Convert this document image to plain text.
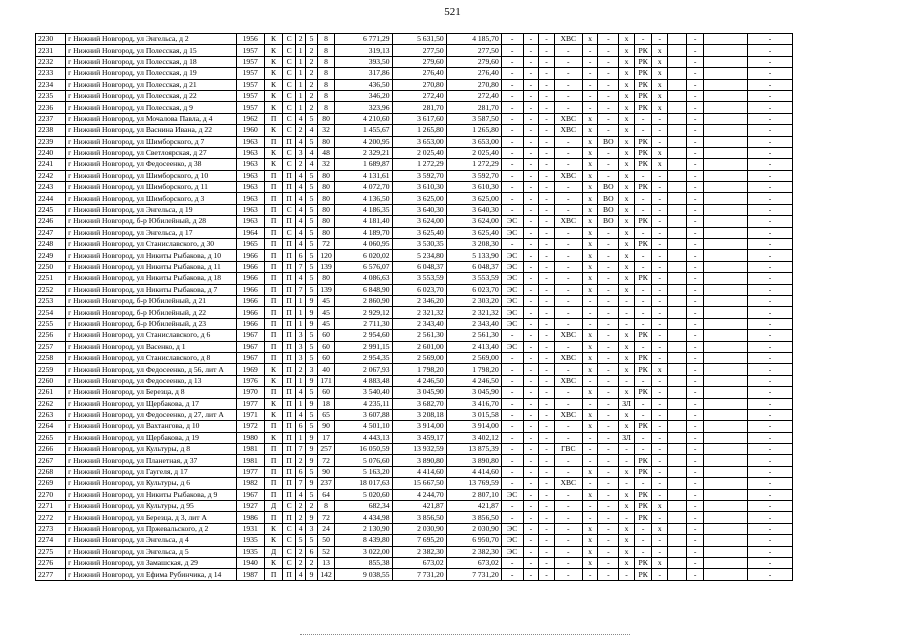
521
2230	г Нижний Новгород, ул Энгельса, д 2	1956	К	С	2	5	8	6 771,29	5 631,50	4 185,70	-	-	-	ХВС	х	-	х	-	-		-		-
2231	г Нижний Новгород, ул Полесская, д 15	1957	К	С	1	2	8	319,13	277,50	277,50	-	-	-	-	-	-	х	РК	х		-		-
2232	г Нижний Новгород, ул Полесская, д 18	1957	К	С	1	2	8	393,50	279,60	279,60	-	-	-	-	-	-	х	РК	х		-		-
2233	г Нижний Новгород, ул Полесская, д 19	1957	К	С	1	2	8	317,86	276,40	276,40	-	-	-	-	-	-	х	РК	х		-		-
2234	г Нижний Новгород, ул Полесская, д 21	1957	К	С	1	2	8	436,50	270,80	270,80	-	-	-	-	-	-	х	РК	х		-		-
2235	г Нижний Новгород, ул Полесская, д 22	1957	К	С	1	2	8	346,20	272,40	272,40	-	-	-	-	-	-	х	РК	х		-		-
2236	г Нижний Новгород, ул Полесская, д 9	1957	К	С	1	2	8	323,96	281,70	281,70	-	-	-	-	-	-	х	РК	х		-		-
2237	г Нижний Новгород, ул Мочалова Павла, д 4	1962	П	С	4	5	80	4 210,60	3 617,60	3 587,50	-	-	-	ХВС	х	-	х	-	-		-		-
2238	г Нижний Новгород, ул Васнина Ивана, д 22	1960	К	С	2	4	32	1 455,67	1 265,80	1 265,80	-	-	-	ХВС	х	-	х	-	-		-		-
2239	г Нижний Новгород, ул Шимборского, д 7	1963	П	П	4	5	80	4 200,95	3 653,00	3 653,00	-	-	-	-	х	ВО	х	РК	-		-		-
2240	г Нижний Новгород, ул Светлоярская, д 27	1963	К	С	3	4	48	2 329,21	2 025,40	2 025,40	-	-	-	-	х	-	х	РК	х		-		-
2241	г Нижний Новгород, ул Федосеенко, д 38	1963	К	С	2	4	32	1 689,87	1 272,29	1 272,29	-	-	-	-	х	-	х	РК	х		-		-
2242	г Нижний Новгород, ул Шимборского, д 10	1963	П	П	4	5	80	4 131,61	3 592,70	3 592,70	-	-	-	ХВС	х	-	х	-	-		-		-
2243	г Нижний Новгород, ул Шимборского, д 11	1963	П	П	4	5	80	4 072,70	3 610,30	3 610,30	-	-	-	-	х	ВО	х	РК	-		-		-
2244	г Нижний Новгород, ул Шимборского, д 3	1963	П	П	4	5	80	4 136,50	3 625,00	3 625,00	-	-	-	-	х	ВО	х	-	-		-		-
2245	г Нижний Новгород, ул Энгельса, д 19	1963	П	С	4	5	80	4 186,35	3 640,30	3 640,30	-	-	-	-	х	ВО	х	-	-		-		-
2246	г Нижний Новгород, б-р Юбилейный, д 28	1963	П	П	4	5	80	4 181,40	3 624,00	3 624,00	ЭС	-	-	ХВС	х	ВО	х	РК	-		-		-
2247	г Нижний Новгород, ул Энгельса, д 17	1964	П	С	4	5	80	4 189,70	3 625,40	3 625,40	ЭС	-	-	-	х	-	х	-	-		-		-
2248	г Нижний Новгород, ул Станиславского, д 30	1965	П	П	4	5	72	4 060,95	3 530,35	3 208,30	-	-	-	-	х	-	х	РК	-		-		-
2249	г Нижний Новгород, ул Никиты Рыбакова, д 10	1966	П	П	6	5	120	6 020,02	5 234,80	5 133,90	ЭС	-	-	-	х	-	х	-	-		-		-
2250	г Нижний Новгород, ул Никиты Рыбакова, д 11	1966	П	П	7	5	139	6 576,07	6 048,37	6 048,37	ЭС	-	-	-	х	-	х	-	-		-		-
2251	г Нижний Новгород, ул Никиты Рыбакова, д 18	1966	П	П	4	5	80	4 086,63	3 553,59	3 553,59	ЭС	-	-	-	х	-	х	РК	-		-		-
2252	г Нижний Новгород, ул Никиты Рыбакова, д 7	1966	П	П	7	5	139	6 848,90	6 023,70	6 023,70	ЭС	-	-	-	х	-	х	-	-		-		-
2253	г Нижний Новгород, б-р Юбилейный, д 21	1966	П	П	1	9	45	2 860,90	2 346,20	2 303,20	ЭС	-	-	-	-	-	-	-	-		-		-
2254	г Нижний Новгород, б-р Юбилейный, д 22	1966	П	П	1	9	45	2 929,12	2 321,32	2 321,32	ЭС	-	-	-	-	-	-	-	-		-		-
2255	г Нижний Новгород, б-р Юбилейный, д 23	1966	П	П	1	9	45	2 711,30	2 343,40	2 343,40	ЭС	-	-	-	-	-	-	-	-		-		-
2256	г Нижний Новгород, ул Станиславского, д 6	1967	П	П	3	5	60	2 954,60	2 561,30	2 561,30	-	-	-	ХВС	х	-	х	РК	-		-		-
2257	г Нижний Новгород, ул Васенко, д 1	1967	П	П	3	5	60	2 991,15	2 601,00	2 413,40	ЭС	-	-	-	х	-	х	-	-		-		-
2258	г Нижний Новгород, ул Станиславского, д 8	1967	П	П	3	5	60	2 954,35	2 569,00	2 569,00	-	-	-	ХВС	х	-	х	РК	-		-		-
2259	г Нижний Новгород, ул Федосеенко, д 56, лит А	1969	К	П	2	3	40	2 067,93	1 798,20	1 798,20	-	-	-	-	х	-	х	РК	х		-		-
2260	г Нижний Новгород, ул Федосеенко, д 13	1976	К	П	1	9	171	4 883,48	4 246,50	4 246,50	-	-	-	ХВС	-	-	-	-	-		-		-
2261	г Нижний Новгород, ул Березца, д 8	1970	П	П	4	5	60	3 540,40	3 045,90	3 045,90	-	-	-	-	х	-	х	РК	-		-		-
2262	г Нижний Новгород, ул Щербакова, д 17	1977	К	П	1	9	18	4 235,11	3 682,70	3 416,70	-	-	-	-	-	-	ЗЛ	-	-		-		-
2263	г Нижний Новгород, ул Федосеенко, д 27, лит А	1971	К	П	4	5	65	3 607,88	3 208,18	3 015,58	-	-	-	ХВС	х	-	х	-	-		-		-
2264	г Нижний Новгород, ул Вахтангова, д 10	1972	П	П	6	5	90	4 501,10	3 914,00	3 914,00	-	-	-	-	х	-	х	РК	-		-		-
2265	г Нижний Новгород, ул Щербакова, д 19	1980	К	П	1	9	17	4 443,13	3 459,17	3 402,12	-	-	-	-	-	-	ЗЛ	-	-		-		-
2266	г Нижний Новгород, ул Культуры, д 8	1981	П	П	7	9	257	16 050,59	13 932,59	13 875,39	-	-	-	ГВС	-	-	-	-	-		-		-
2267	г Нижний Новгород, ул Планетная, д 37	1981	П	П	2	9	72	5 076,60	3 890,80	3 890,80	-	-	-	-	-	-	-	РК	-		-		-
2268	г Нижний Новгород, ул Гаугеля, д 17	1977	П	П	6	5	90	5 163,20	4 414,60	4 414,60	-	-	-	-	х	-	х	РК	-		-		-
2269	г Нижний Новгород, ул Культуры, д 6	1982	П	П	7	9	237	18 017,63	15 667,50	13 769,59	-	-	-	ХВС	-	-	-	-	-		-		-
2270	г Нижний Новгород, ул Никиты Рыбакова, д 9	1967	П	П	4	5	64	5 020,60	4 244,70	2 807,10	ЭС	-	-	-	х	-	х	РК	-		-		-
2271	г Нижний Новгород, ул Культуры, д 95	1927	Д	С	2	2	8	682,34	421,87	421,87	-	-	-	-	-	-	х	РК	х		-		-
2272	г Нижний Новгород, ул Березца, д 3, лит А	1986	П	П	2	9	72	4 434,98	3 856,50	3 856,50	-	-	-	-	-	-	-	РК	-		-		-
2273	г Нижний Новгород, ул Пржевальского, д 2	1931	К	С	4	3	24	2 130,90	2 030,90	2 030,90	ЭС	-	-	-	х	-	х	-	х		-		-
2274	г Нижний Новгород, ул Энгельса, д 4	1935	К	С	5	5	50	8 439,80	7 695,20	6 950,70	ЭС	-	-	-	х	-	х	-	-		-		-
2275	г Нижний Новгород, ул Энгельса, д 5	1935	Д	С	2	6	52	3 022,00	2 382,30	2 382,30	ЭС	-	-	-	х	-	х	-	-		-		-
2276	г Нижний Новгород, ул Замашская, д 29	1940	К	С	2	2	13	855,38	673,02	673,02	-	-	-	-	х	-	х	РК	х		-		-
2277	г Нижний Новгород, ул Ефима Рубинчика, д 14	1987	П	П	4	9	142	9 038,55	7 731,20	7 731,20	-	-	-	-	-	-	-	РК	-		-		-
